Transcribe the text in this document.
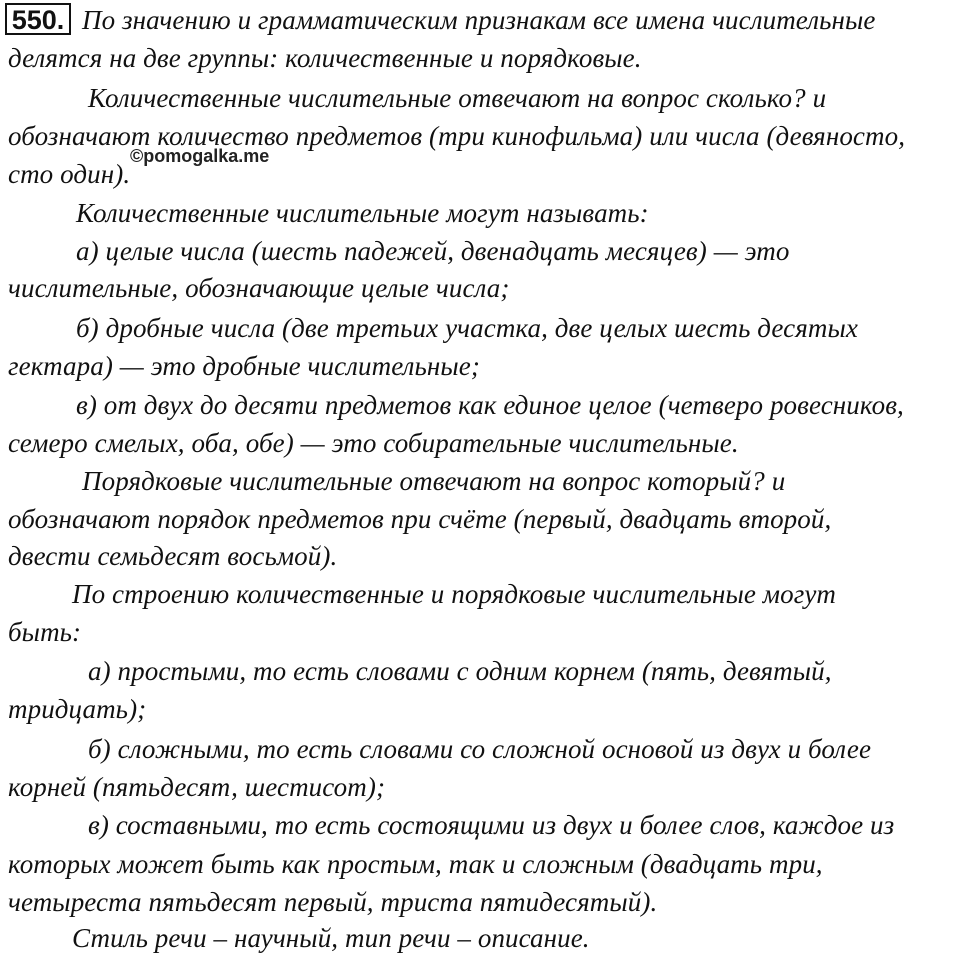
550. По значению и грамматическим признакам все имена числительные
делятся на две группы: количественные и порядковые.
Количественные числительные отвечают на вопрос сколько? и
обозначают количество предметов (три кинофильма) или числа (девяносто,
сто один).
©pomogalka.me
Количественные числительные могут называть:
а) целые числа (шесть падежей, двенадцать месяцев) — это
числительные, обозначающие целые числа;
б) дробные числа (две третьих участка, две целых шесть десятых
гектара) — это дробные числительные;
в) от двух до десяти предметов как единое целое (четверо ровесников,
семеро смелых, оба, обе) — это собирательные числительные.
Порядковые числительные отвечают на вопрос который? и
обозначают порядок предметов при счёте (первый, двадцать второй,
двести семьдесят восьмой).
По строению количественные и порядковые числительные могут
быть:
а) простыми, то есть словами с одним корнем (пять, девятый,
тридцать);
б) сложными, то есть словами со сложной основой из двух и более
корней (пятьдесят, шестисот);
в) составными, то есть состоящими из двух и более слов, каждое из
которых может быть как простым, так и сложным (двадцать три,
четыреста пятьдесят первый, триста пятидесятый).
Стиль речи – научный, тип речи – описание.
